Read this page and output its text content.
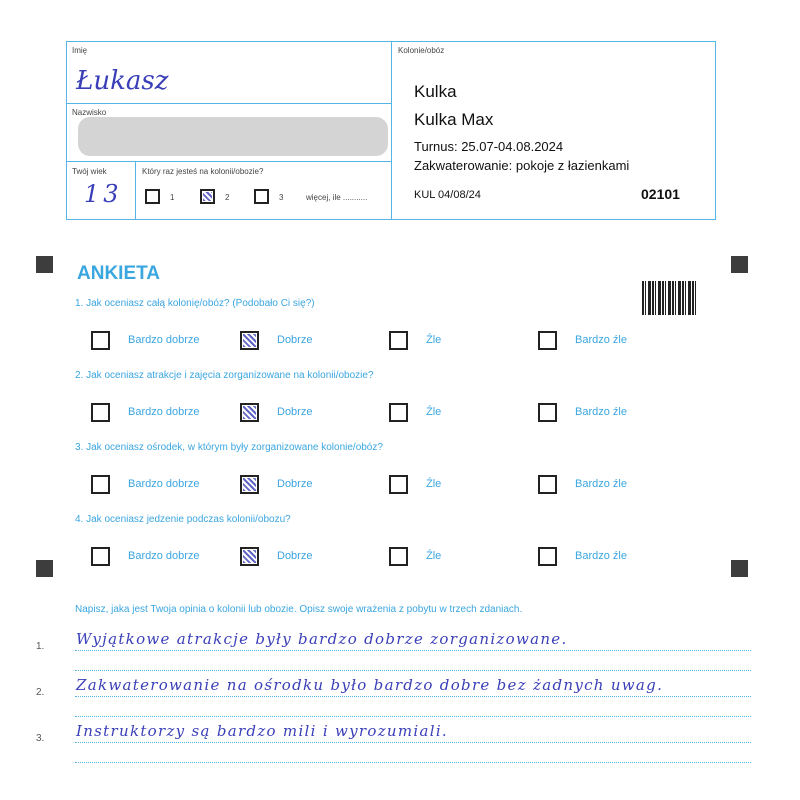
Imię
Łukasz
Nazwisko
Twój wiek
13
Który raz jesteś na kolonii/obozie?
1	2	3	więcej, ile ...........
Kolonie/obóz
Kulka
Kulka Max
Turnus: 25.07-04.08.2024
Zakwaterowanie: pokoje z łazienkami
KUL 04/08/24	02101
ANKIETA
1. Jak oceniasz całą kolonię/obóz? (Podobało Ci się?)
Bardzo dobrze	Dobrze	Źle	Bardzo źle
2. Jak oceniasz atrakcje i zajęcia zorganizowane na kolonii/obozie?
Bardzo dobrze	Dobrze	Źle	Bardzo źle
3. Jak oceniasz ośrodek, w którym były zorganizowane kolonie/obóz?
Bardzo dobrze	Dobrze	Źle	Bardzo źle
4. Jak oceniasz jedzenie podczas kolonii/obozu?
Bardzo dobrze	Dobrze	Źle	Bardzo źle
Napisz, jaka jest Twoja opinia o kolonii lub obozie. Opisz swoje wrażenia z pobytu w trzech zdaniach.
1. Wyjątkowe atrakcje były bardzo dobrze zorganizowane.
2. Zakwaterowanie na ośrodku było bardzo dobre bez żadnych uwag.
3. Instruktorzy są bardzo mili i wyrozumiali.
